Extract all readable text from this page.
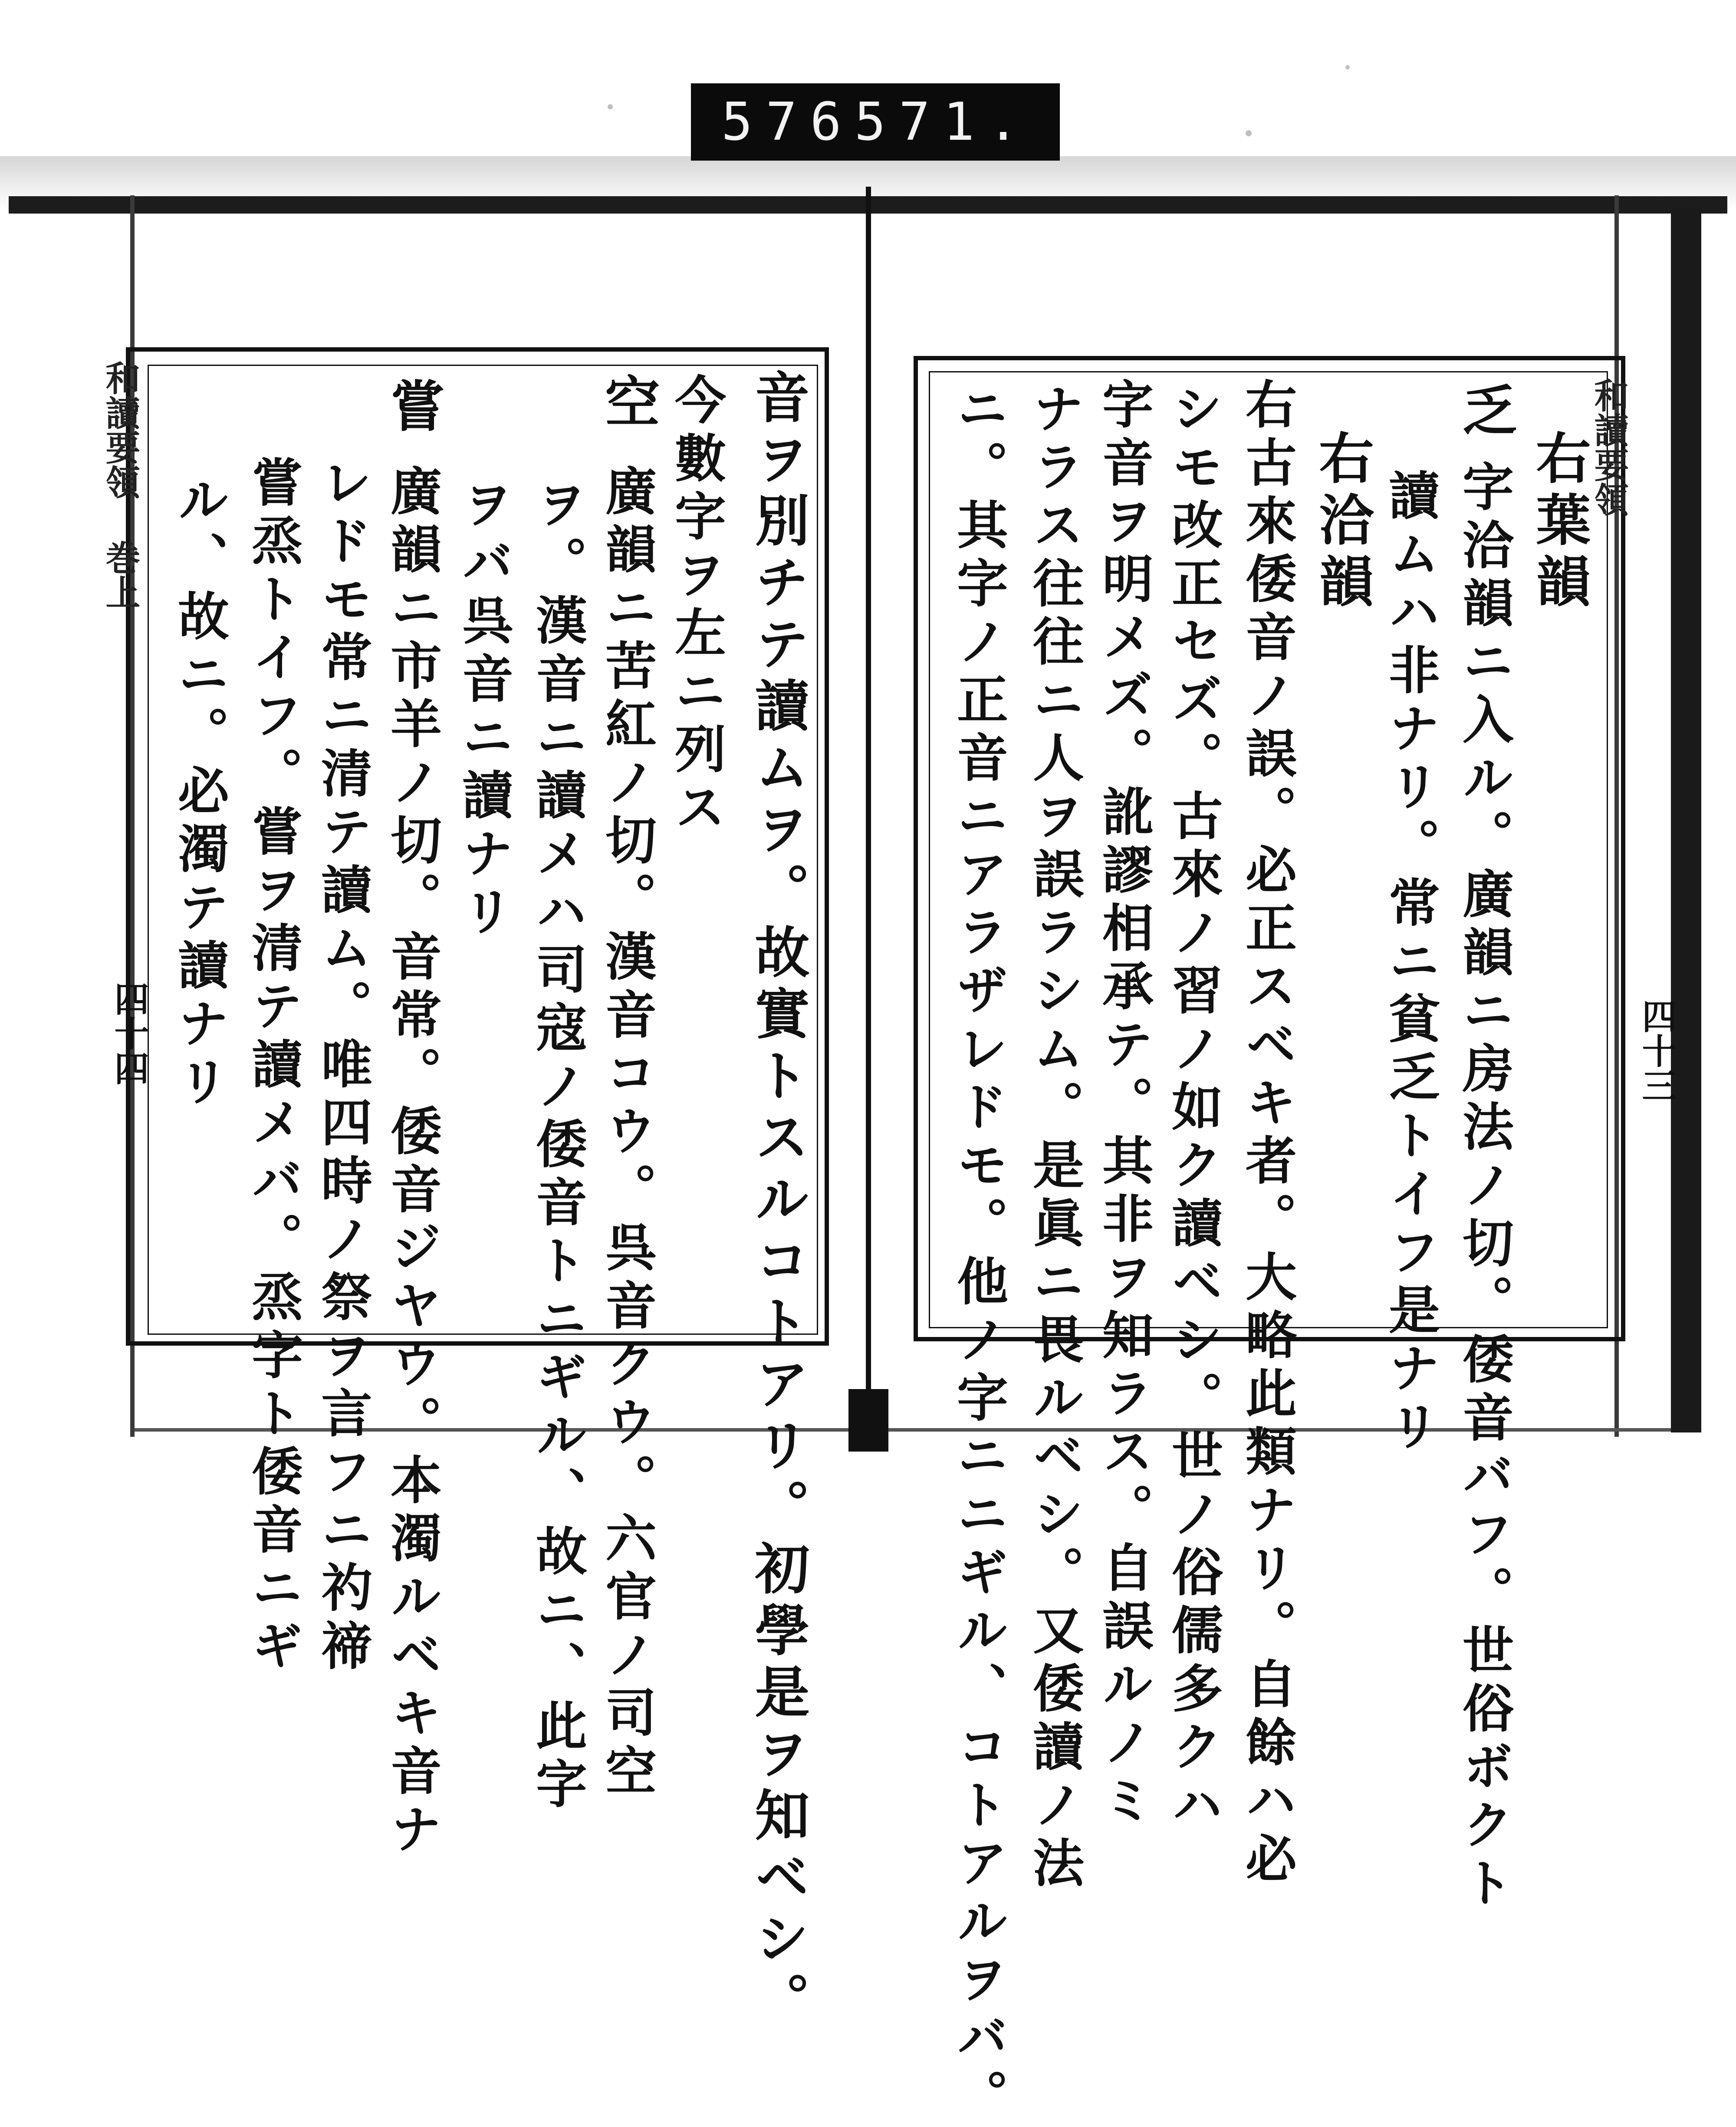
576 571.
和讀要領 巻上
四十四	音ヲ別チテ讀ムヲ。故實トスルコトアリ。初學是ヲ知ベシ。
今數字ヲ左ニ列ス
空
廣韻ニ苦紅ノ切。漢音コウ。呉音クウ。六官ノ司空
ヲ。漢音ニ讀メハ司寇ノ倭音トニギル、故ニ、此字
ヲバ呉音ニ讀ナリ
嘗
廣韻ニ市羊ノ切。音常。倭音ジヤウ。本濁ルベキ音ナ
レドモ常ニ清テ讀ム。唯四時ノ祭ヲ言フニ礿禘
嘗烝トイフ。嘗ヲ清テ讀メバ。烝字ト倭音ニギ
ル、故ニ。必濁テ讀ナリ
和讀要領
四十三
右葉韻
乏
字洽韻ニ入ル。廣韻ニ房法ノ切。倭音バフ。世俗ボクト
讀ムハ非ナリ。常ニ貧乏トイフ是ナリ
右洽韻
右古來倭音ノ誤。必正スベキ者。大略此類ナリ。自餘ハ必
シモ改正セズ。古來ノ習ノ如ク讀ベシ。世ノ俗儒多クハ
字音ヲ明メズ。訛謬相承テ。其非ヲ知ラス。自誤ルノミ
ナラス往往ニ人ヲ誤ラシム。是眞ニ畏ルベシ。又倭讀ノ法
ニ。其字ノ正音ニアラザレドモ。他ノ字ニニギル、コトアルヲバ。
